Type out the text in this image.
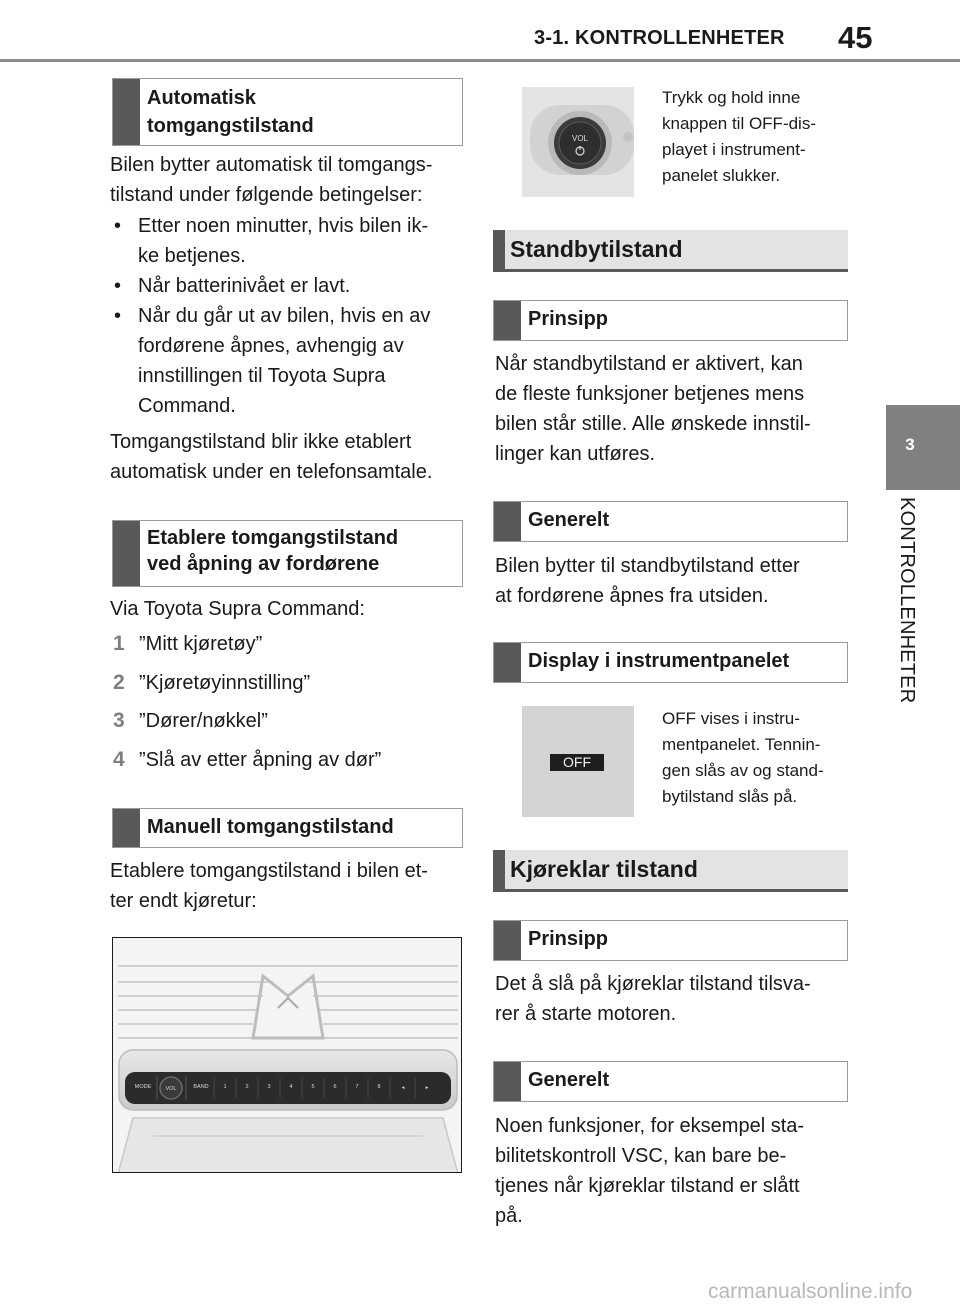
3-1. KONTROLLENHETER 45
3
KONTROLLENHETER
Automatisk tomgangstilstand
Bilen bytter automatisk til tomgangs-
tilstand under følgende betingelser:
• Etter noen minutter, hvis bilen ik-
ke betjenes.
• Når batterinivået er lavt.
• Når du går ut av bilen, hvis en av
fordørene åpnes, avhengig av
innstillingen til Toyota Supra
Command.
Tomgangstilstand blir ikke etablert
automatisk under en telefonsamtale.
Etablere tomgangstilstand
ved åpning av fordørene
Via Toyota Supra Command:
1 ”Mitt kjøretøy”
2 ”Kjøretøyinnstilling”
3 ”Dører/nøkkel”
4 ”Slå av etter åpning av dør”
Manuell tomgangstilstand
Etablere tomgangstilstand i bilen et-
ter endt kjøretur:
MODE	VOL	BAND	1	2	3	4	5	6	7	8	◂	▸
VOL
Trykk og hold inne
knappen til OFF-dis-
playet i instrument-
panelet slukker.
Standbytilstand
Prinsipp
Når standbytilstand er aktivert, kan
de fleste funksjoner betjenes mens
bilen står stille. Alle ønskede innstil-
linger kan utføres.
Generelt
Bilen bytter til standbytilstand etter
at fordørene åpnes fra utsiden.
Display i instrumentpanelet
OFF
OFF vises i instru-
mentpanelet. Tennin-
gen slås av og stand-
bytilstand slås på.
Kjøreklar tilstand
Prinsipp
Det å slå på kjøreklar tilstand tilsva-
rer å starte motoren.
Generelt
Noen funksjoner, for eksempel sta-
bilitetskontroll VSC, kan bare be-
tjenes når kjøreklar tilstand er slått
på.
carmanualsonline.info
